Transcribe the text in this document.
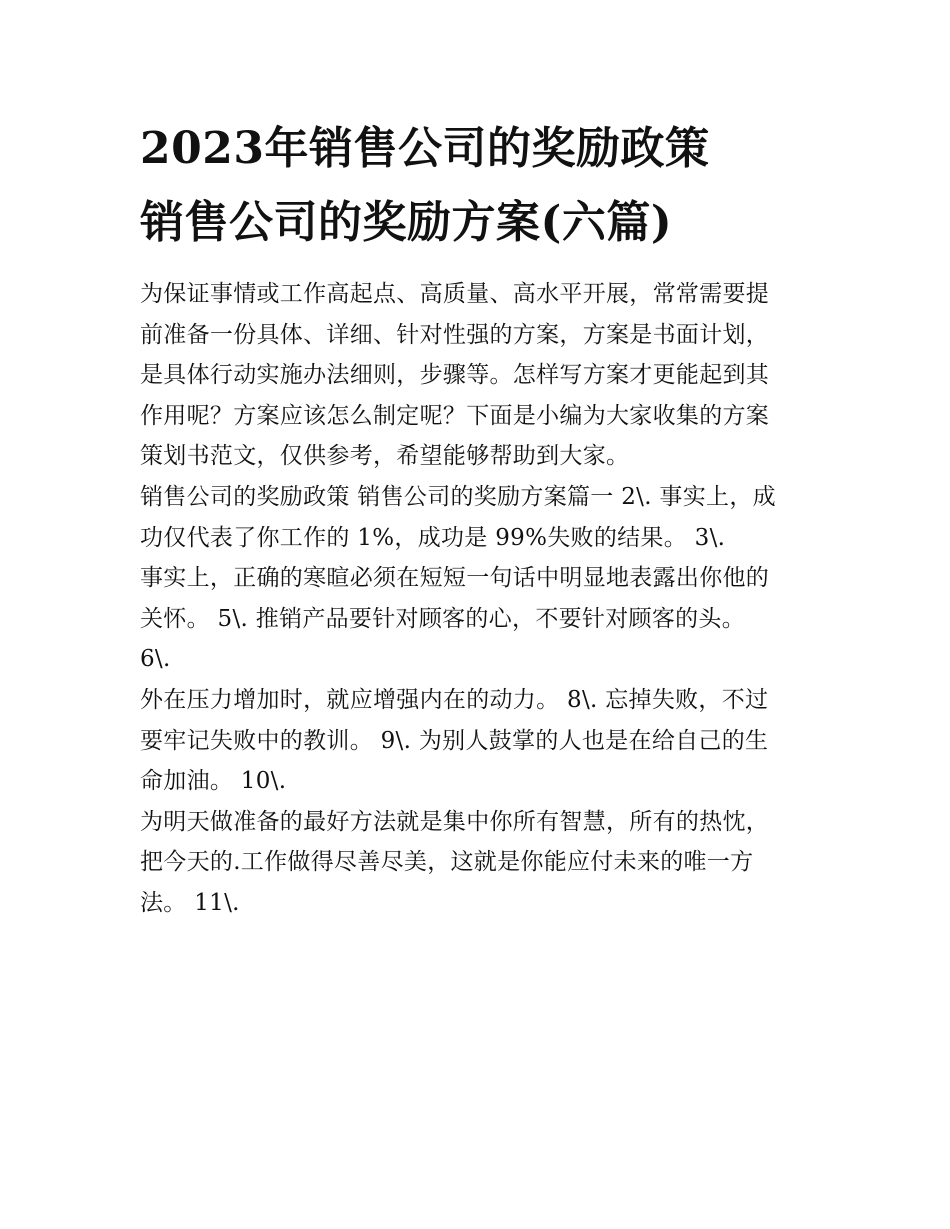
2023年销售公司的奖励政策
销售公司的奖励方案(六篇)

为保证事情或工作高起点、高质量、高水平开展，常常需要提

前准备一份具体、详细、针对性强的方案，方案是书面计划，

是具体行动实施办法细则，步骤等。怎样写方案才更能起到其

作用呢？方案应该怎么制定呢？下面是小编为大家收集的方案

策划书范文，仅供参考，希望能够帮助到大家。

销售公司的奖励政策 销售公司的奖励方案篇一 2\. 事实上，成

功仅代表了你工作的 1%，成功是 99%失败的结果。 3\.

事实上，正确的寒暄必须在短短一句话中明显地表露出你他的

关怀。 5\. 推销产品要针对顾客的心，不要针对顾客的头。

6\.

外在压力增加时，就应增强内在的动力。 8\. 忘掉失败，不过

要牢记失败中的教训。 9\. 为别人鼓掌的人也是在给自己的生

命加油。 10\.

为明天做准备的最好方法就是集中你所有智慧，所有的热忱，

把今天的.工作做得尽善尽美，这就是你能应付未来的唯一方

法。 11\.
